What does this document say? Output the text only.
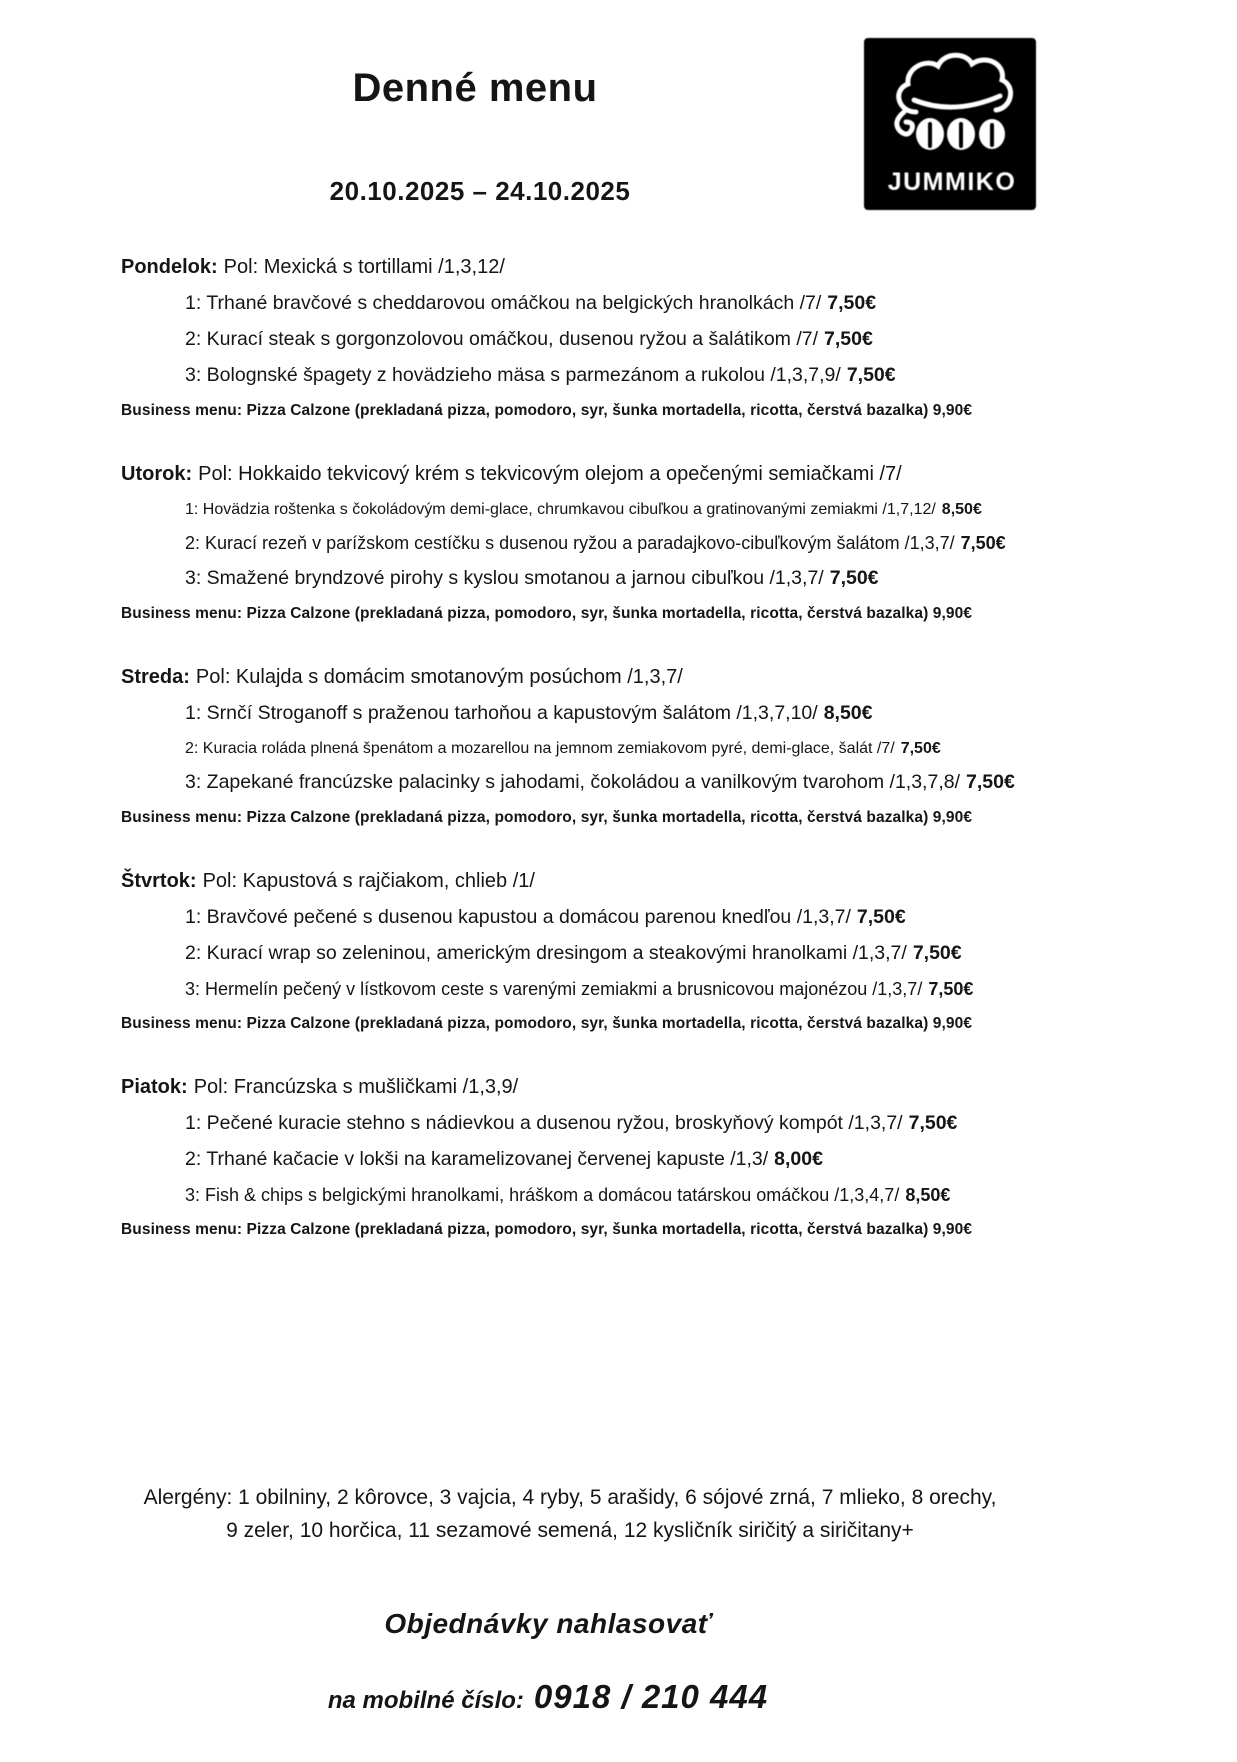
Denné menu
20.10.2025 – 24.10.2025	JUMMIKO
Pondelok: Pol: Mexická s tortillami /1,3,12/
1: Trhané bravčové s cheddarovou omáčkou na belgických hranolkách /7/ 7,50€
2: Kurací steak s gorgonzolovou omáčkou, dusenou ryžou a šalátikom /7/ 7,50€
3: Bolognské špagety z hovädzieho mäsa s parmezánom a rukolou /1,3,7,9/ 7,50€
Business menu: Pizza Calzone (prekladaná pizza, pomodoro, syr, šunka mortadella, ricotta, čerstvá bazalka) 9,90€
Utorok: Pol: Hokkaido tekvicový krém s tekvicovým olejom a opečenými semiačkami /7/
1: Hovädzia roštenka s čokoládovým demi-glace, chrumkavou cibuľkou a gratinovanými zemiakmi /1,7,12/ 8,50€
2: Kurací rezeň v parížskom cestíčku s dusenou ryžou a paradajkovo-cibuľkovým šalátom /1,3,7/ 7,50€
3: Smažené bryndzové pirohy s kyslou smotanou a jarnou cibuľkou /1,3,7/ 7,50€
Business menu: Pizza Calzone (prekladaná pizza, pomodoro, syr, šunka mortadella, ricotta, čerstvá bazalka) 9,90€
Streda: Pol: Kulajda s domácim smotanovým posúchom /1,3,7/
1: Srnčí Stroganoff s praženou tarhoňou a kapustovým šalátom /1,3,7,10/ 8,50€
2: Kuracia roláda plnená špenátom a mozarellou na jemnom zemiakovom pyré, demi-glace, šalát /7/ 7,50€
3: Zapekané francúzske palacinky s jahodami, čokoládou a vanilkovým tvarohom /1,3,7,8/ 7,50€
Business menu: Pizza Calzone (prekladaná pizza, pomodoro, syr, šunka mortadella, ricotta, čerstvá bazalka) 9,90€
Štvrtok: Pol: Kapustová s rajčiakom, chlieb /1/
1: Bravčové pečené s dusenou kapustou a domácou parenou knedľou /1,3,7/ 7,50€
2: Kurací wrap so zeleninou, americkým dresingom a steakovými hranolkami /1,3,7/ 7,50€
3: Hermelín pečený v lístkovom ceste s varenými zemiakmi a brusnicovou majonézou /1,3,7/ 7,50€
Business menu: Pizza Calzone (prekladaná pizza, pomodoro, syr, šunka mortadella, ricotta, čerstvá bazalka) 9,90€
Piatok: Pol: Francúzska s mušličkami /1,3,9/
1: Pečené kuracie stehno s nádievkou a dusenou ryžou, broskyňový kompót /1,3,7/ 7,50€
2: Trhané kačacie v lokši na karamelizovanej červenej kapuste /1,3/ 8,00€
3: Fish & chips s belgickými hranolkami, hráškom a domácou tatárskou omáčkou /1,3,4,7/ 8,50€
Business menu: Pizza Calzone (prekladaná pizza, pomodoro, syr, šunka mortadella, ricotta, čerstvá bazalka) 9,90€
Alergény: 1 obilniny, 2 kôrovce, 3 vajcia, 4 ryby, 5 arašidy, 6 sójové zrná, 7 mlieko, 8 orechy,
9 zeler, 10 horčica, 11 sezamové semená, 12 kysličník siričitý a siričitany+
Objednávky nahlasovať
na mobilné číslo: 0918 / 210 444
